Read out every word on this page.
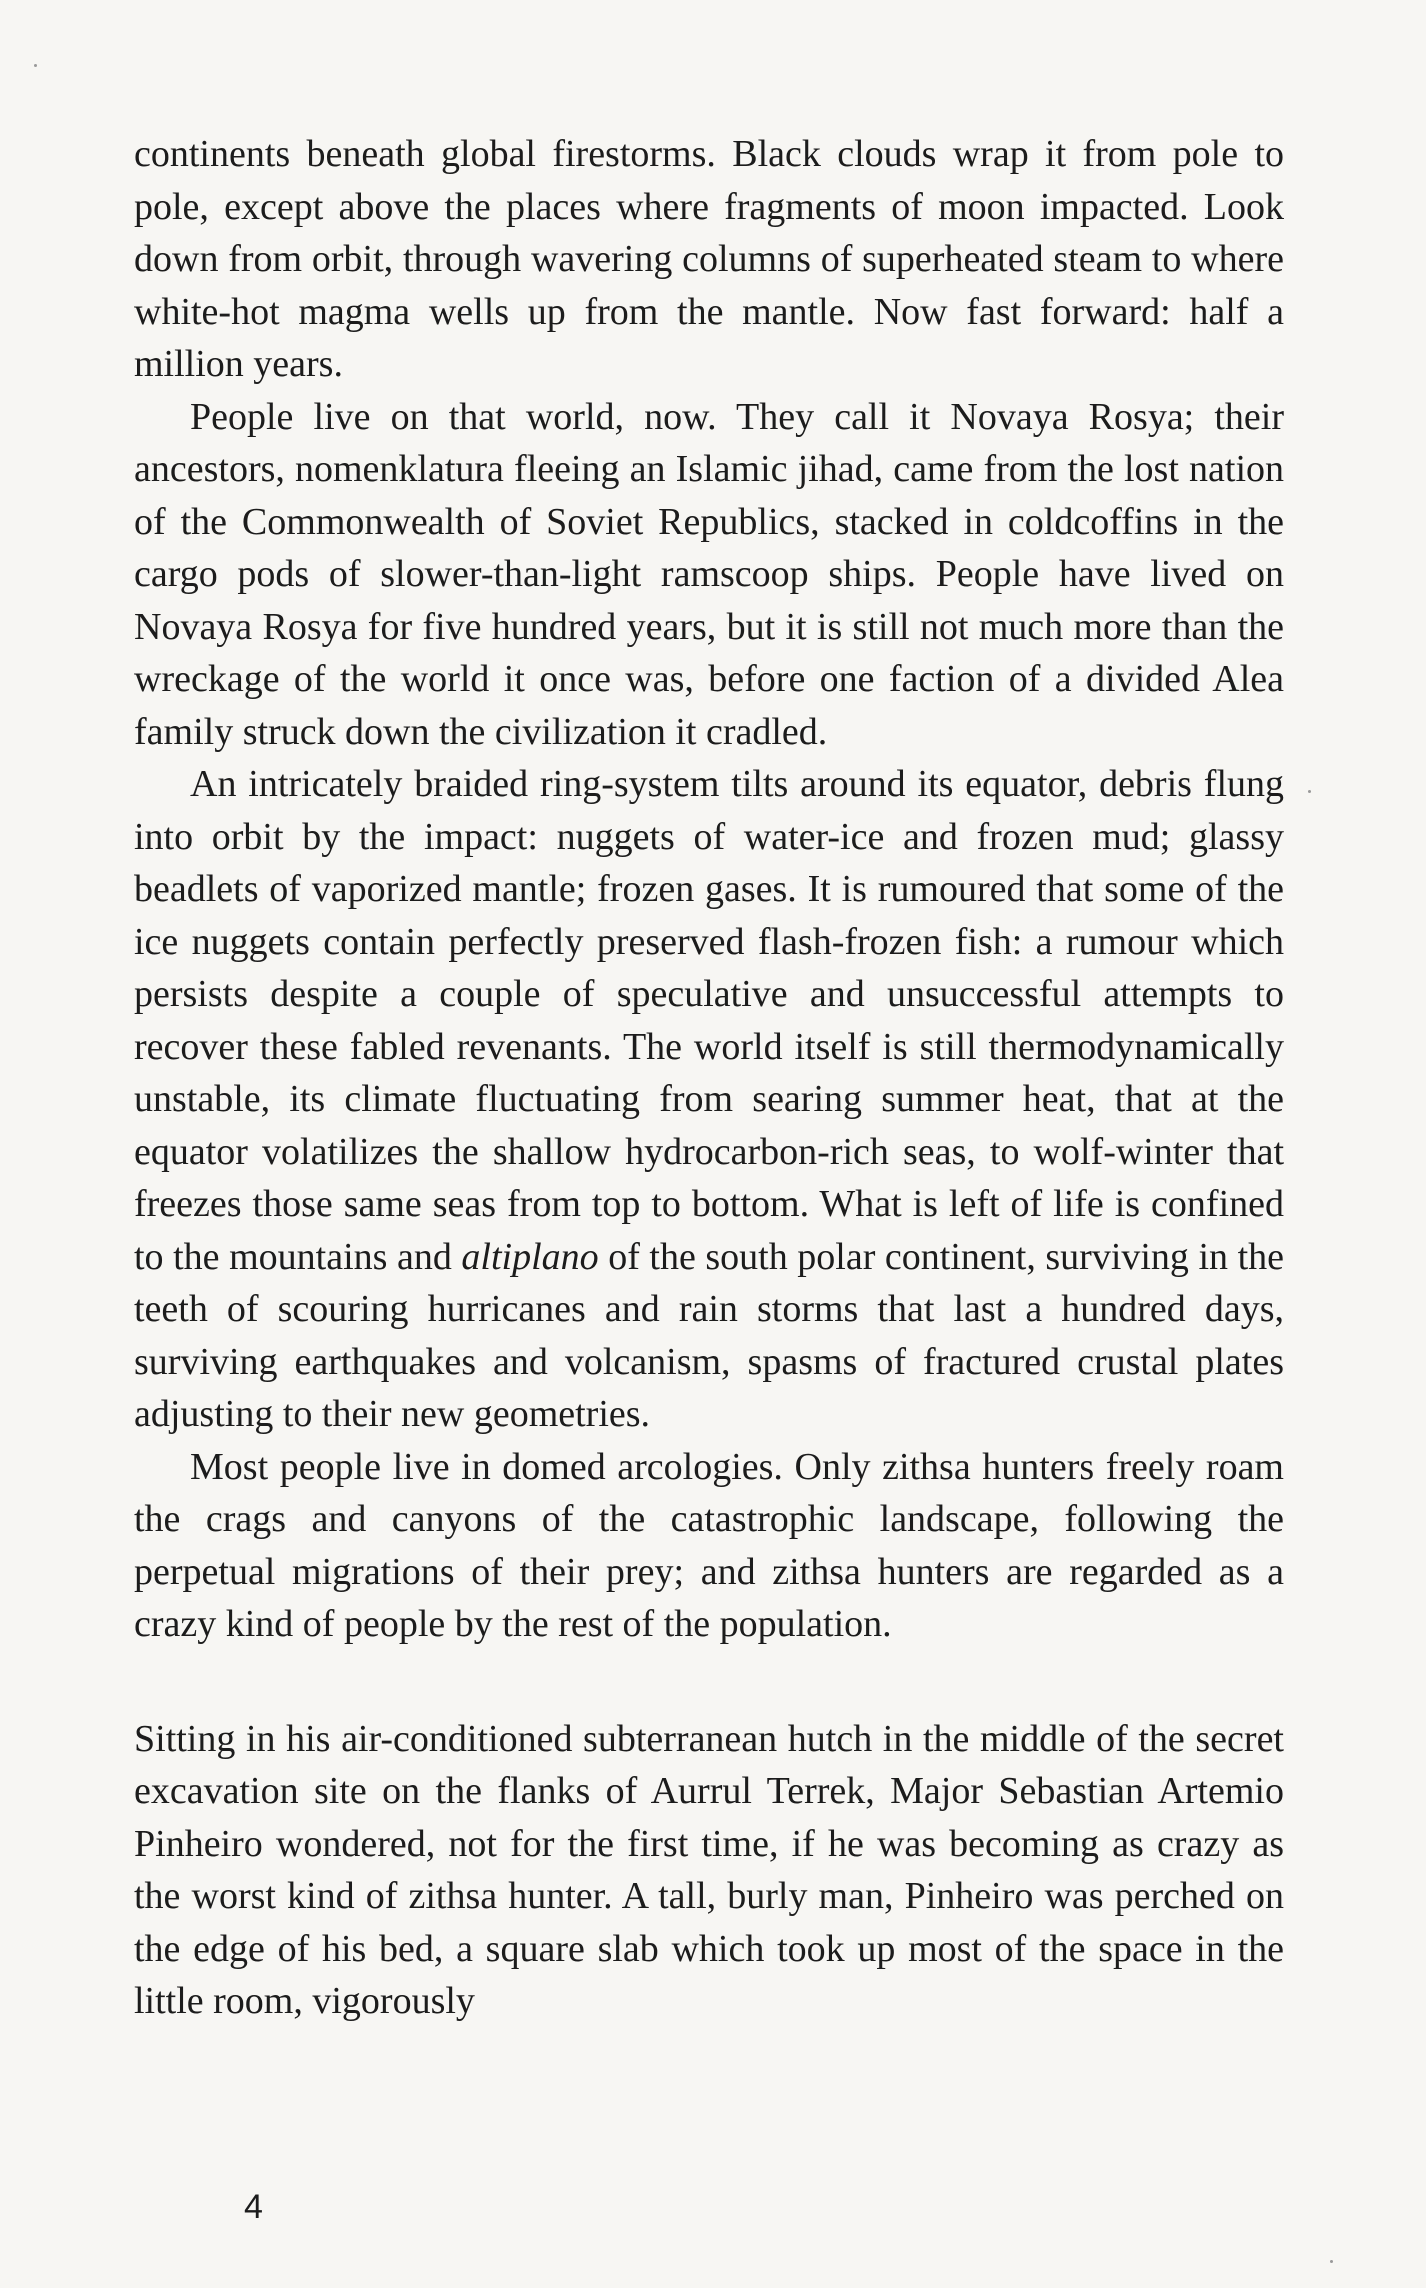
continents beneath global firestorms. Black clouds wrap it from pole to pole, except above the places where fragments of moon impacted. Look down from orbit, through wavering columns of superheated steam to where white-hot magma wells up from the mantle. Now fast forward: half a million years.

People live on that world, now. They call it Novaya Rosya; their ancestors, nomenklatura fleeing an Islamic jihad, came from the lost nation of the Commonwealth of Soviet Republics, stacked in coldcoffins in the cargo pods of slower-than-light ramscoop ships. People have lived on Novaya Rosya for five hundred years, but it is still not much more than the wreckage of the world it once was, before one faction of a divided Alea family struck down the civilization it cradled.

An intricately braided ring-system tilts around its equator, debris flung into orbit by the impact: nuggets of water-ice and frozen mud; glassy beadlets of vaporized mantle; frozen gases. It is rumoured that some of the ice nuggets contain perfectly preserved flash-frozen fish: a rumour which persists despite a couple of speculative and unsuccessful attempts to recover these fabled revenants. The world itself is still thermodynamically unstable, its climate fluctuating from searing summer heat, that at the equator volatilizes the shallow hydrocarbon-rich seas, to wolf-winter that freezes those same seas from top to bottom. What is left of life is confined to the mountains and altiplano of the south polar continent, surviving in the teeth of scouring hurricanes and rain storms that last a hundred days, surviving earthquakes and volcanism, spasms of fractured crustal plates adjusting to their new geometries.

Most people live in domed arcologies. Only zithsa hunters freely roam the crags and canyons of the catastrophic landscape, following the perpetual migrations of their prey; and zithsa hunters are regarded as a crazy kind of people by the rest of the population.

Sitting in his air-conditioned subterranean hutch in the middle of the secret excavation site on the flanks of Aurrul Terrek, Major Sebastian Artemio Pinheiro wondered, not for the first time, if he was becoming as crazy as the worst kind of zithsa hunter. A tall, burly man, Pinheiro was perched on the edge of his bed, a square slab which took up most of the space in the little room, vigorously

4
